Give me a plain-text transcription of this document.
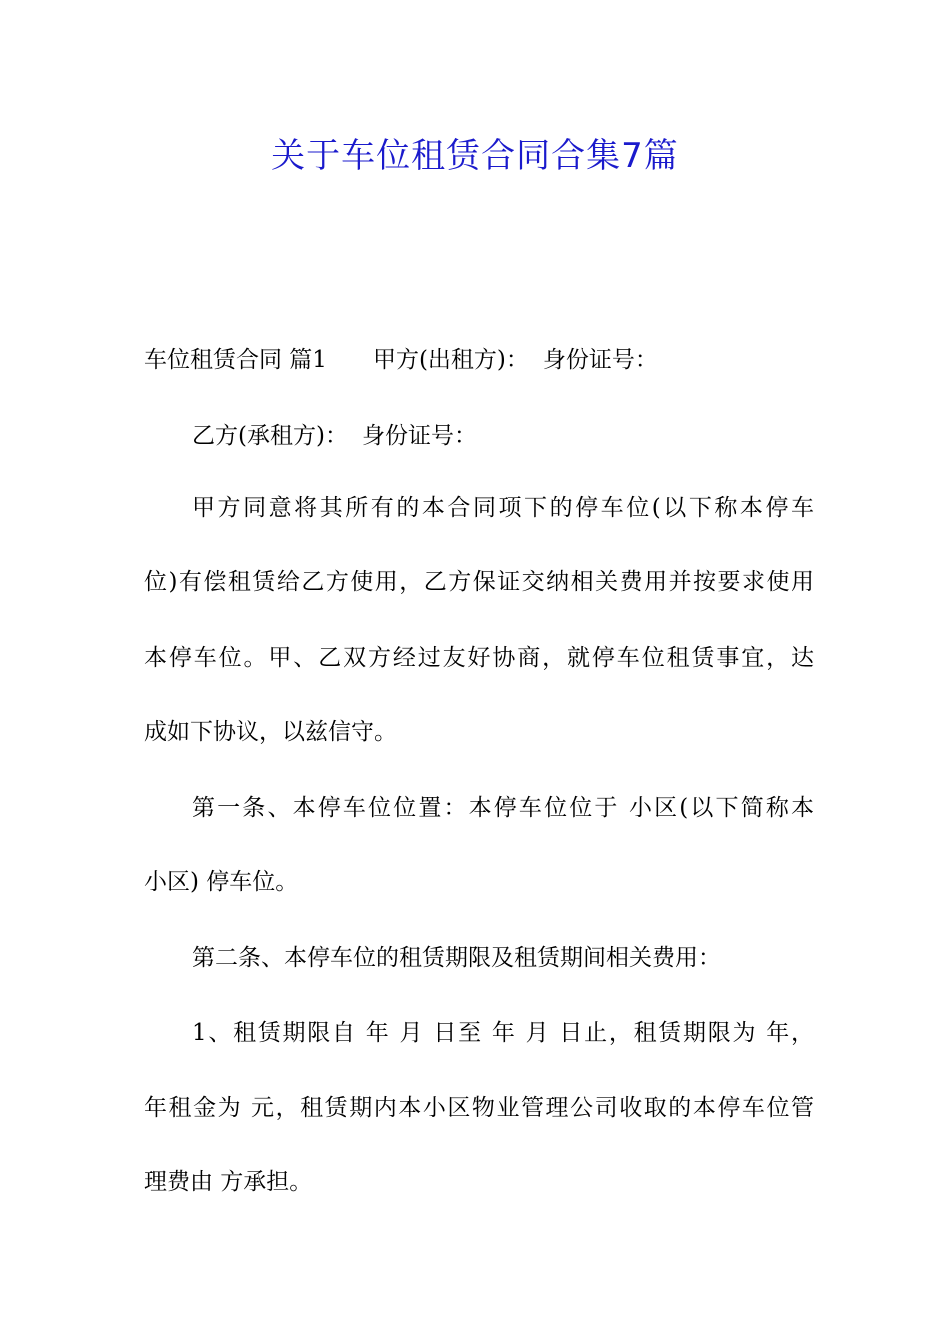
关于车位租赁合同合集7篇
车位租赁合同 篇1 甲方(出租方)： 身份证号：
乙方(承租方)： 身份证号：
甲方同意将其所有的本合同项下的停车位(以下称本停车
位)有偿租赁给乙方使用，乙方保证交纳相关费用并按要求使用
本停车位。甲、乙双方经过友好协商，就停车位租赁事宜，达
成如下协议，以兹信守。
第一条、本停车位位置：本停车位位于 小区(以下简称本
小区) 停车位。
第二条、本停车位的租赁期限及租赁期间相关费用：
1、租赁期限自 年 月 日至 年 月 日止，租赁期限为 年，
年租金为 元，租赁期内本小区物业管理公司收取的本停车位管
理费由 方承担。
